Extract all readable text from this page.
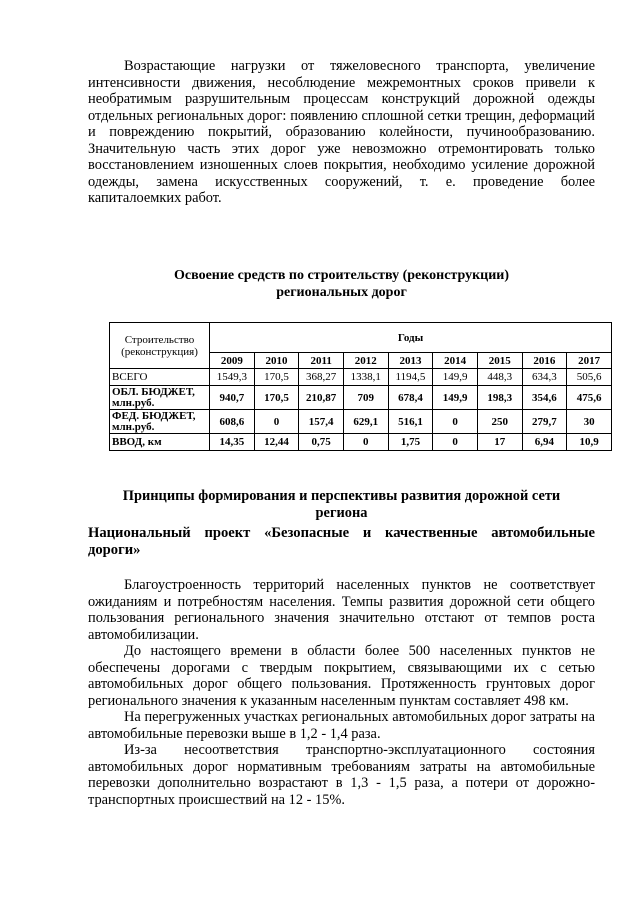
Возрастающие нагрузки от тяжеловесного транспорта, увеличение интенсивности движения, несоблюдение межремонтных сроков привели к необратимым разрушительным процессам конструкций дорожной одежды отдельных региональных дорог: появлению сплошной сетки трещин, деформаций и повреждению покрытий, образованию колейности, пучинообразованию. Значительную часть этих дорог уже невозможно отремонтировать только восстановлением изношенных слоев покрытия, необходимо усиление дорожной одежды, замена искусственных сооружений, т. е. проведение более капиталоемких работ.

Освоение средств по строительству (реконструкции)

региональных дорог

Строительство (реконструкция)	Годы								
	2009	2010	2011	2012	2013	2014	2015	2016	2017
ВСЕГО	1549,3	170,5	368,27	1338,1	1194,5	149,9	448,3	634,3	505,6
ОБЛ. БЮДЖЕТ, млн.руб.	940,7	170,5	210,87	709	678,4	149,9	198,3	354,6	475,6
ФЕД. БЮДЖЕТ, млн.руб.	608,6	0	157,4	629,1	516,1	0	250	279,7	30
ВВОД, км	14,35	12,44	0,75	0	1,75	0	17	6,94	10,9

Принципы формирования и перспективы развития дорожной сети

региона

Национальный проект «Безопасные и качественные автомобильные дороги»

Благоустроенность территорий населенных пунктов не соответствует ожиданиям и потребностям населения. Темпы развития дорожной сети общего пользования регионального значения значительно отстают от темпов роста автомобилизации.

До настоящего времени в области более 500 населенных пунктов не обеспечены дорогами с твердым покрытием, связывающими их с сетью автомобильных дорог общего пользования. Протяженность грунтовых дорог регионального значения к указанным населенным пунктам составляет 498 км.

На перегруженных участках региональных автомобильных дорог затраты на автомобильные перевозки выше в 1,2 - 1,4 раза.

Из-за несоответствия транспортно-эксплуатационного состояния автомобильных дорог нормативным требованиям затраты на автомобильные перевозки дополнительно возрастают в 1,3 - 1,5 раза, а потери от дорожно-транспортных происшествий на 12 - 15%.
